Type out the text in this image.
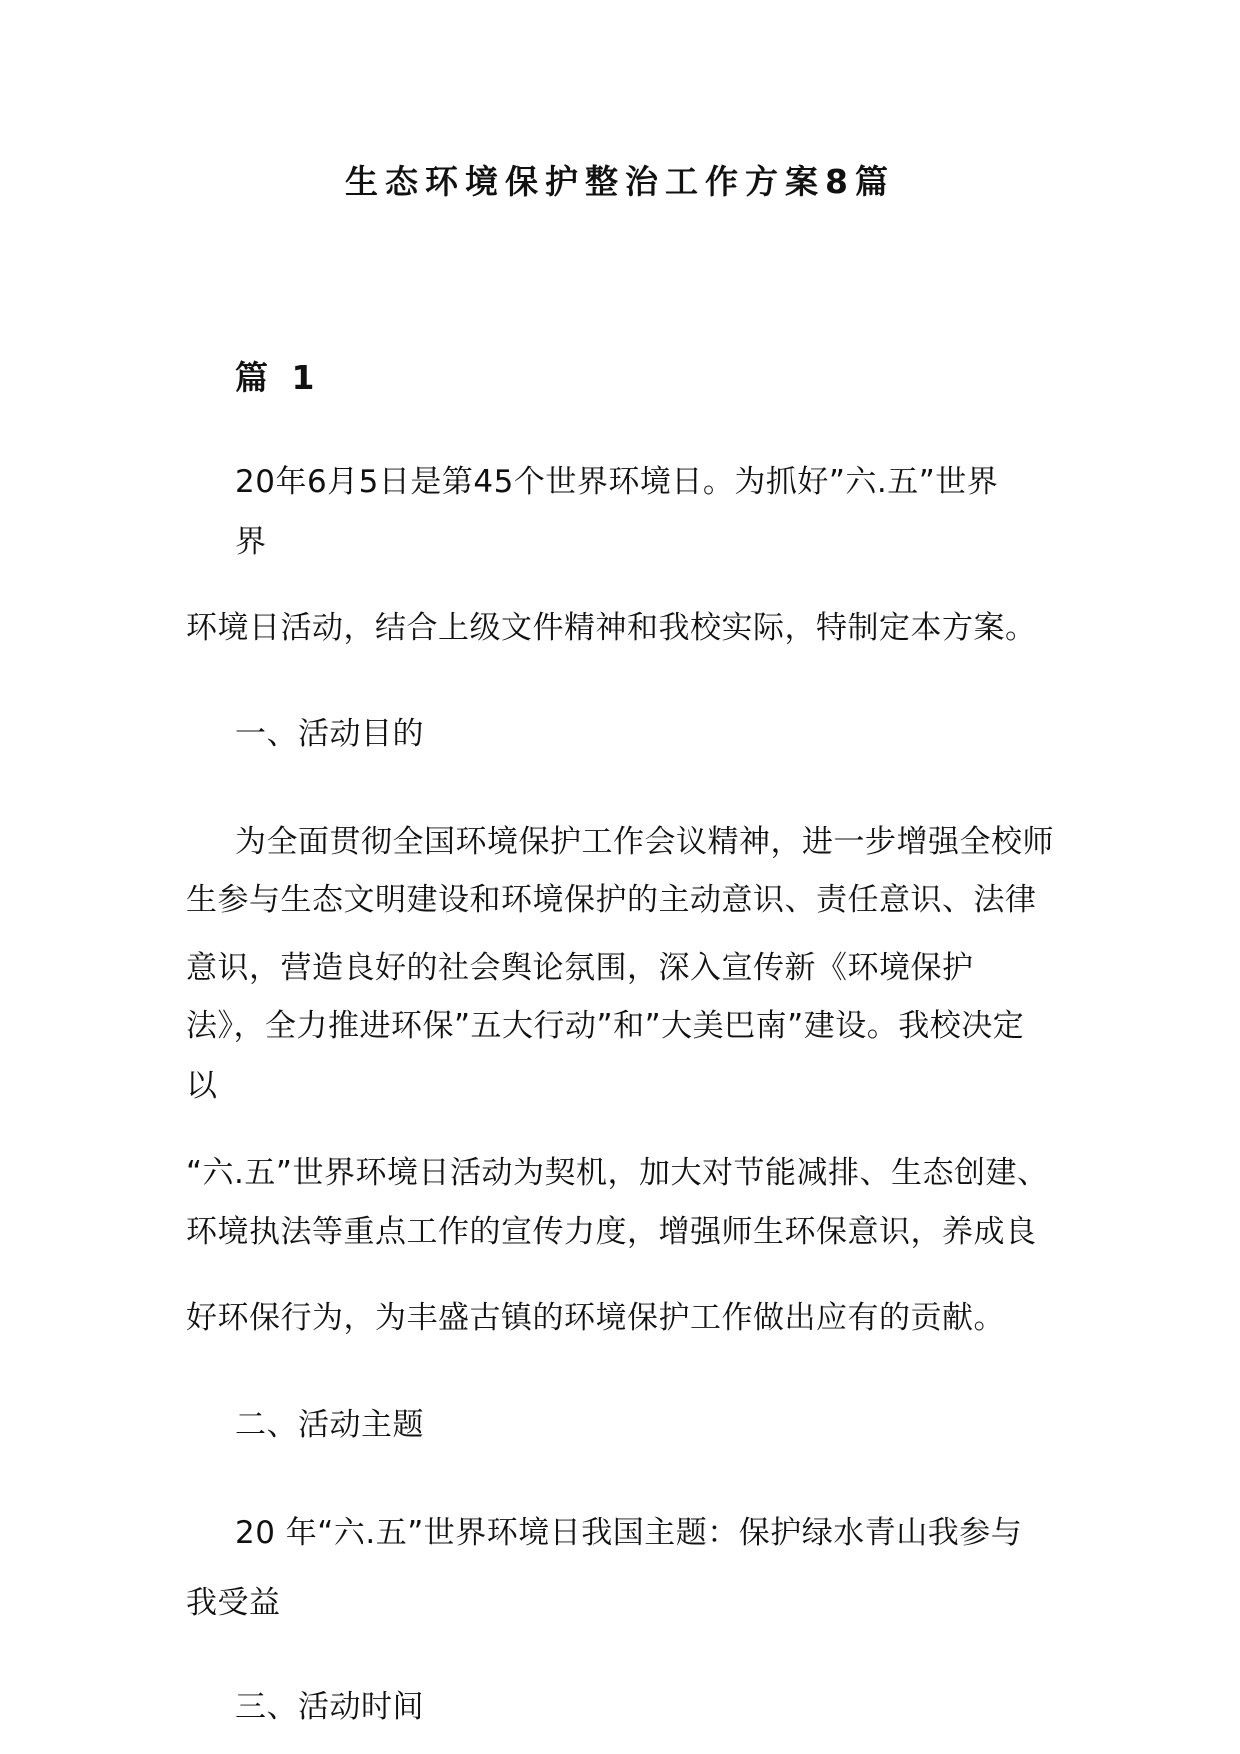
生态环境保护整治工作方案8篇
篇 1
20年6月5日是第45个世界环境日。为抓好”六.五”世界
界
环境日活动，结合上级文件精神和我校实际，特制定本方案。
一、活动目的
为全面贯彻全国环境保护工作会议精神，进一步增强全校师
生参与生态文明建设和环境保护的主动意识、责任意识、法律
意识，营造良好的社会舆论氛围，深入宣传新《环境保护
法》，全力推进环保”五大行动”和”大美巴南”建设。我校决定
以
“六.五”世界环境日活动为契机，加大对节能减排、生态创建、
环境执法等重点工作的宣传力度，增强师生环保意识，养成良
好环保行为，为丰盛古镇的环境保护工作做出应有的贡献。
二、活动主题
20 年“六.五”世界环境日我国主题：保护绿水青山我参与
我受益
三、活动时间
